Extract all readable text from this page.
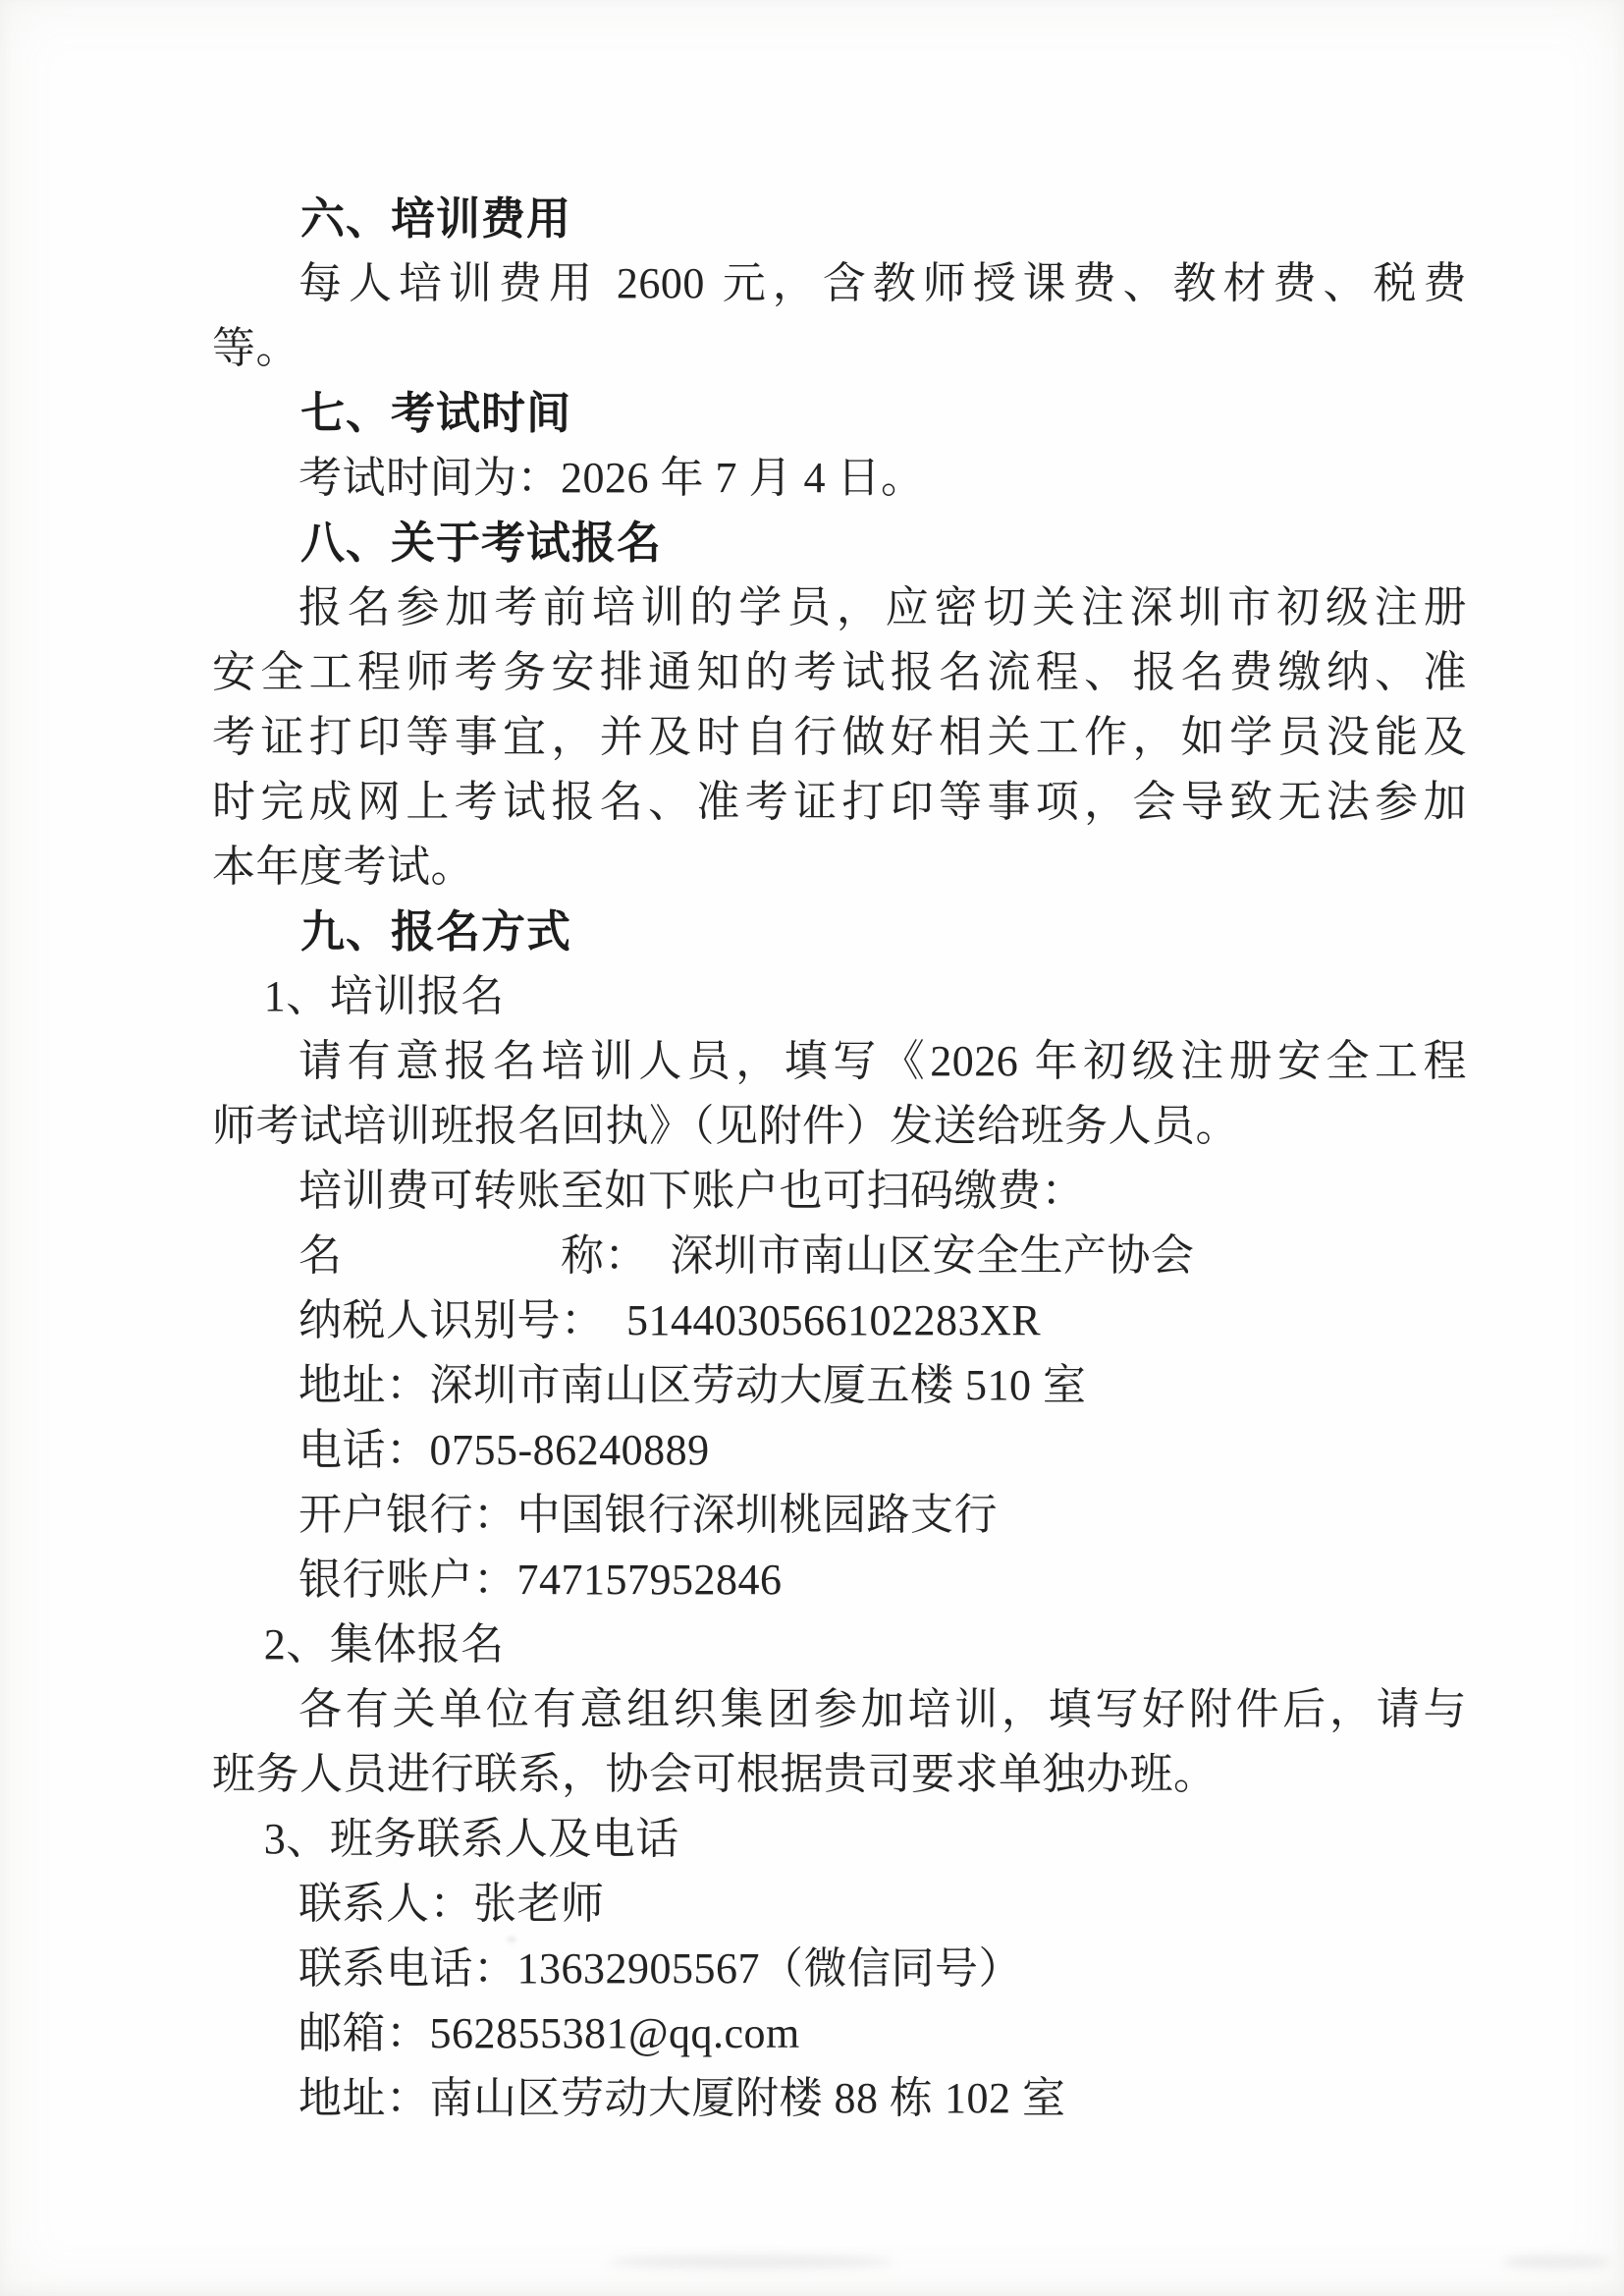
六、培训费用
每人培训费用 2600 元，含教师授课费、教材费、税费
等。
七、考试时间
考试时间为：2026 年 7 月 4 日。
八、关于考试报名
报名参加考前培训的学员，应密切关注深圳市初级注册
安全工程师考务安排通知的考试报名流程、报名费缴纳、准
考证打印等事宜，并及时自行做好相关工作，如学员没能及
时完成网上考试报名、准考证打印等事项，会导致无法参加
本年度考试。
九、报名方式
1、培训报名
请有意报名培训人员，填写《2026 年初级注册安全工程
师考试培训班报名回执》（见附件）发送给班务人员。
培训费可转账至如下账户也可扫码缴费：
名　　　　　称：　深圳市南山区安全生产协会
纳税人识别号：　5144030566102283XR
地址：深圳市南山区劳动大厦五楼 510 室
电话：0755-86240889
开户银行：中国银行深圳桃园路支行
银行账户：747157952846
2、集体报名
各有关单位有意组织集团参加培训，填写好附件后，请与
班务人员进行联系，协会可根据贵司要求单独办班。
3、班务联系人及电话
联系人：张老师
联系电话：13632905567（微信同号）
邮箱：562855381@qq.com
地址：南山区劳动大厦附楼 88 栋 102 室
